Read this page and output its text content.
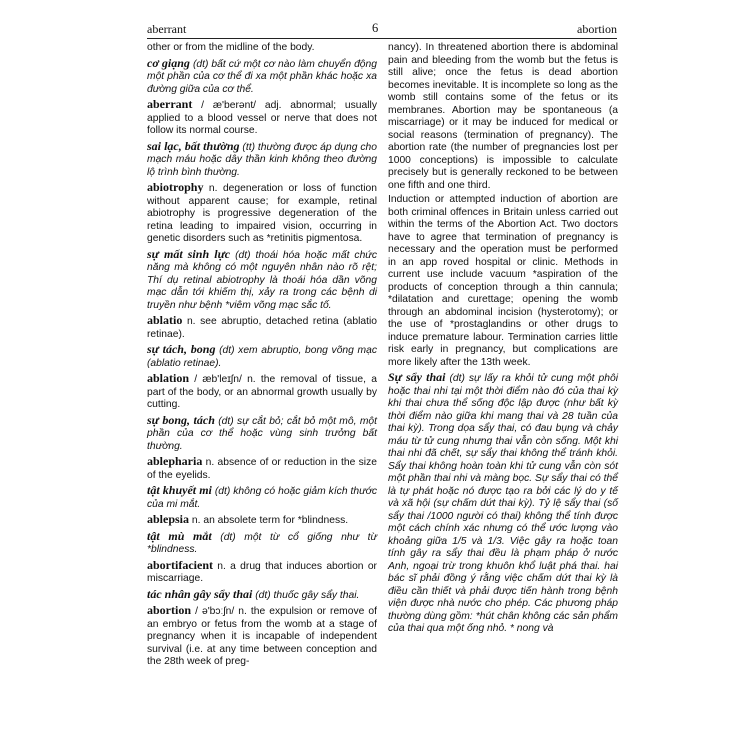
aberrant	6	abortion

other or from the midline of the body.

cơ giạng (dt) bất cứ một cơ nào làm chuyển động một phần của cơ thể đi xa một phần khác hoặc xa đường giữa của cơ thể.

aberrant / æ'berənt/ adj. abnormal; usually applied to a blood vessel or nerve that does not follow its normal course.

sai lạc, bất thường (tt) thường được áp dụng cho mạch máu hoặc dây thần kinh không theo đường lộ trình bình thường.

abiotrophy n. degeneration or loss of function without apparent cause; for example, retinal abiotrophy is progressive degeneration of the retina leading to impaired vision, occurring in genetic disorders such as *retinitis pigmentosa.

sự mất sinh lực (dt) thoái hóa hoặc mất chức năng mà không có một nguyên nhân nào rõ rệt; Thí dụ retinal abiotrophy là thoái hóa dần võng mạc dẫn tới khiếm thị, xảy ra trong các bệnh di truyền như bệnh *viêm võng mạc sắc tố.

ablatio n. see abruptio, detached retina (ablatio retinae).

sự tách, bong (dt) xem abruptio, bong võng mạc (ablatio retinae).

ablation / æb'leɪʃn/ n. the removal of tissue, a part of the body, or an abnormal growth usually by cutting.

sự bong, tách (dt) sự cắt bỏ; cắt bỏ một mô, một phần của cơ thể hoặc vùng sinh trưởng bất thường.

ablepharia n. absence of or reduction in the size of the eyelids.

tật khuyết mi (dt) không có hoặc giảm kích thước của mi mắt.

ablepsia n. an absolete term for *blindness.

tật mù mắt (dt) một từ cổ giống như từ *blindness.

abortifacient n. a drug that induces abortion or miscarriage.

tác nhân gây sẩy thai (dt) thuốc gây sẩy thai.

abortion / ə'bɔːʃn/ n. the expulsion or remove of an embryo or fetus from the womb at a stage of pregnancy when it is incapable of independent survival (i.e. at any time between conception and the 28th week of preg-

nancy). In threatened abortion there is abdominal pain and bleeding from the womb but the fetus is still alive; once the fetus is dead abortion becomes inevitable. It is incomplete so long as the womb still contains some of the fetus or its membranes. Abortion may be spontaneous (a miscarriage) or it may be induced for medical or social reasons (termination of pregnancy). The abortion rate (the number of pregnancies lost per 1000 conceptions) is impossible to calculate precisely but is generally reckoned to be between one fifth and one third.

Induction or attempted induction of abortion are both criminal offences in Britain unless carried out within the terms of the Abortion Act. Two doctors have to agree that termination of pregnancy is necessary and the operation must be performed in an app roved hospital or clinic. Methods in current use include vacuum *aspiration of the products of conception through a thin cannula; *dilatation and curettage; opening the womb through an abdominal incision (hysterotomy); or the use of *prostaglandins or other drugs to induce premature labour. Termination carries little risk early in pregnancy, but complications are more likely after the 13th week.

Sự sẩy thai (dt) sự lấy ra khỏi tử cung một phôi hoặc thai nhi tại một thời điểm nào đó của thai kỳ khi thai chưa thể sống độc lập được (như bất kỳ thời điểm nào giữa khi mang thai và 28 tuần của thai kỳ). Trong dọa sẩy thai, có đau bụng và chảy máu từ tử cung nhưng thai vẫn còn sống. Một khi thai nhi đã chết, sự sẩy thai không thể tránh khỏi. Sẩy thai không hoàn toàn khi tử cung vẫn còn sót một phần thai nhi và màng bọc. Sự sẩy thai có thể là tự phát hoặc nó được tạo ra bởi các lý do y tế và xã hội (sự chấm dứt thai kỳ). Tỷ lệ sẩy thai (số sẩy thai /1000 người có thai) không thể tính được một cách chính xác nhưng có thể ước lượng vào khoảng giữa 1/5 và 1/3. Việc gây ra hoặc toan tính gây ra sẩy thai đều là phạm pháp ở nước Anh, ngoại trừ trong khuôn khổ luật phá thai. hai bác sĩ phải đồng ý rằng việc chấm dứt thai kỳ là điều cần thiết và phải được tiến hành trong bệnh viện được nhà nước cho phép. Các phương pháp thường dùng gồm: *hút chân không các sản phẩm của thai qua một ống nhỏ. * nong và
